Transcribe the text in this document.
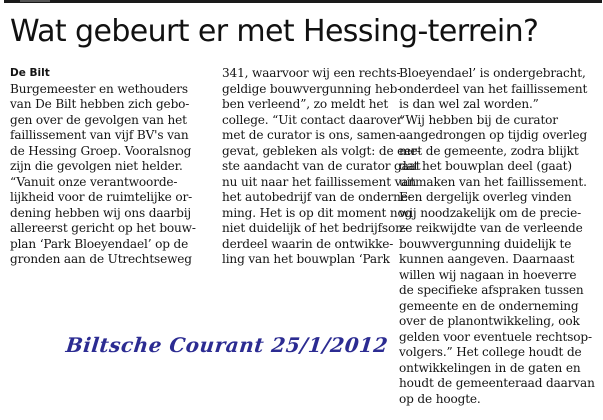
Wat gebeurt er met Hessing-terrein?
De Bilt
Burgemeester en wethouders
van De Bilt hebben zich gebo-
gen over de gevolgen van het
faillissement van vijf BV's van
de Hessing Groep. Vooralsnog
zijn die gevolgen niet helder.
“Vanuit onze verantwoorde-
lijkheid voor de ruimtelijke or-
dening hebben wij ons daarbij
allereerst gericht op het bouw-
plan ‘Park Bloeyendael’ op de
gronden aan de Utrechtseweg
341, waarvoor wij een rechts-
geldige bouwvergunning heb-
ben verleend”, zo meldt het
college. “Uit contact daarover
met de curator is ons, samen-
gevat, gebleken als volgt: de eer-
ste aandacht van de curator gaat
nu uit naar het faillissement van
het autobedrijf van de onderne-
ming. Het is op dit moment nog
niet duidelijk of het bedrijfson-
derdeel waarin de ontwikke-
ling van het bouwplan ‘Park
Bloeyendael’ is ondergebracht,
onderdeel van het faillissement
is dan wel zal worden.”
“Wij hebben bij de curator
aangedrongen op tijdig overleg
met de gemeente, zodra blijkt
dat het bouwplan deel (gaat)
uitmaken van het faillissement.
Een dergelijk overleg vinden
wij noodzakelijk om de precie-
ze reikwijdte van de verleende
bouwvergunning duidelijk te
kunnen aangeven. Daarnaast
willen wij nagaan in hoeverre
de specifieke afspraken tussen
gemeente en de onderneming
over de planontwikkeling, ook
gelden voor eventuele rechtsop-
volgers.” Het college houdt de
ontwikkelingen in de gaten en
houdt de gemeenteraad daarvan
op de hoogte.
Biltsche Courant 25/1/2012
